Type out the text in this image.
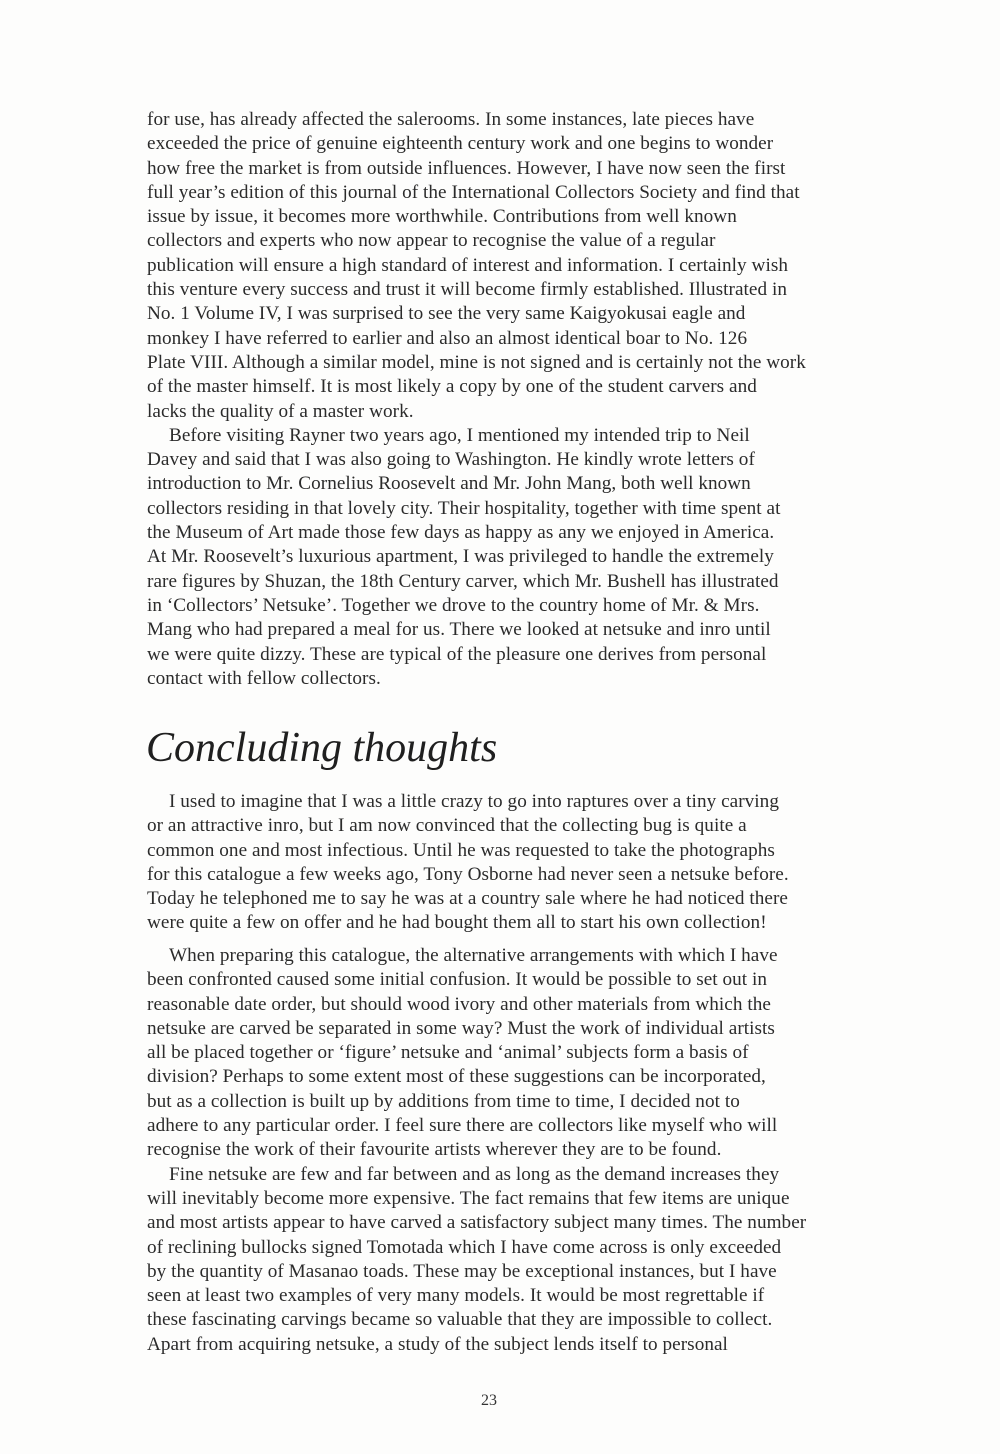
for use, has already affected the salerooms. In some instances, late pieces have
exceeded the price of genuine eighteenth century work and one begins to wonder
how free the market is from outside influences. However, I have now seen the first
full year’s edition of this journal of the International Collectors Society and find that
issue by issue, it becomes more worthwhile. Contributions from well known
collectors and experts who now appear to recognise the value of a regular
publication will ensure a high standard of interest and information. I certainly wish
this venture every success and trust it will become firmly established. Illustrated in
No. 1 Volume IV, I was surprised to see the very same Kaigyokusai eagle and
monkey I have referred to earlier and also an almost identical boar to No. 126
Plate VIII. Although a similar model, mine is not signed and is certainly not the work
of the master himself. It is most likely a copy by one of the student carvers and
lacks the quality of a master work.

Before visiting Rayner two years ago, I mentioned my intended trip to Neil
Davey and said that I was also going to Washington. He kindly wrote letters of
introduction to Mr. Cornelius Roosevelt and Mr. John Mang, both well known
collectors residing in that lovely city. Their hospitality, together with time spent at
the Museum of Art made those few days as happy as any we enjoyed in America.
At Mr. Roosevelt’s luxurious apartment, I was privileged to handle the extremely
rare figures by Shuzan, the 18th Century carver, which Mr. Bushell has illustrated
in ‘Collectors’ Netsuke’. Together we drove to the country home of Mr. & Mrs.
Mang who had prepared a meal for us. There we looked at netsuke and inro until
we were quite dizzy. These are typical of the pleasure one derives from personal
contact with fellow collectors.

Concluding thoughts

I used to imagine that I was a little crazy to go into raptures over a tiny carving
or an attractive inro, but I am now convinced that the collecting bug is quite a
common one and most infectious. Until he was requested to take the photographs
for this catalogue a few weeks ago, Tony Osborne had never seen a netsuke before.
Today he telephoned me to say he was at a country sale where he had noticed there
were quite a few on offer and he had bought them all to start his own collection!

When preparing this catalogue, the alternative arrangements with which I have
been confronted caused some initial confusion. It would be possible to set out in
reasonable date order, but should wood ivory and other materials from which the
netsuke are carved be separated in some way? Must the work of individual artists
all be placed together or ‘figure’ netsuke and ‘animal’ subjects form a basis of
division? Perhaps to some extent most of these suggestions can be incorporated,
but as a collection is built up by additions from time to time, I decided not to
adhere to any particular order. I feel sure there are collectors like myself who will
recognise the work of their favourite artists wherever they are to be found.

Fine netsuke are few and far between and as long as the demand increases they
will inevitably become more expensive. The fact remains that few items are unique
and most artists appear to have carved a satisfactory subject many times. The number
of reclining bullocks signed Tomotada which I have come across is only exceeded
by the quantity of Masanao toads. These may be exceptional instances, but I have
seen at least two examples of very many models. It would be most regrettable if
these fascinating carvings became so valuable that they are impossible to collect.
Apart from acquiring netsuke, a study of the subject lends itself to personal

23
